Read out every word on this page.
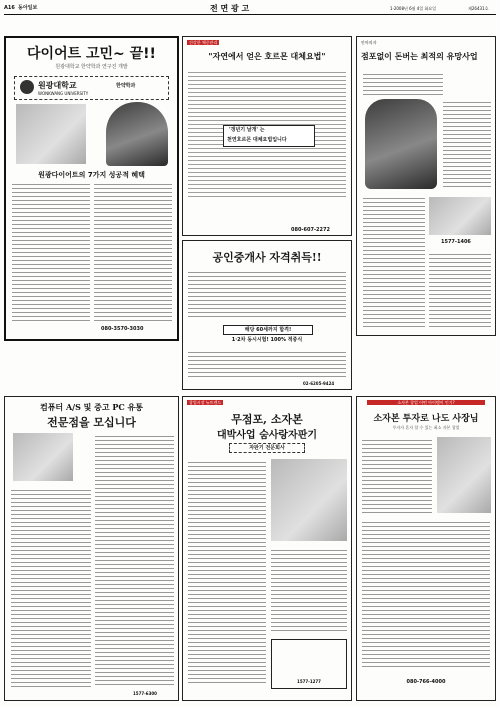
A16 동아일보	전 면 광 고	1·2008년 6월 4일 화요일	제26431호
다이어트 고민~ 끝!!
원광대학교 한약학과 연구진 개발
원광대학교
WONKWANG UNIVERSITY
한약학과
원광다이어트의 7가지 성공적 혜택
080-3570-3030
건강한 체중관리
"자연에서 얻은 호르몬 대체요법"
'갱년기 날개' 는
천연호르몬 대체요법입니다
080-607-2272
안마의자
점포없이 돈버는 최적의 유망사업
1577-1406
공인중개사 자격취득!!
해당 60세까지 합격!
1·2차 동시시험! 100% 적중식
02-6205-9424
컴퓨터 A/S 및 중고 PC 유통
전문점을 모십니다
1577-6300
창업시장 뉴트렌드
무점포, 소자본
대박사업 숨사랑자판기
자판기 전문회사
1577-1277
소자본 창업 어떤 아이템이 인기?
소자본 투자로 나도 사장님
투자자 혼자 할 수 있는 최소 자본 창업
080-766-4000
